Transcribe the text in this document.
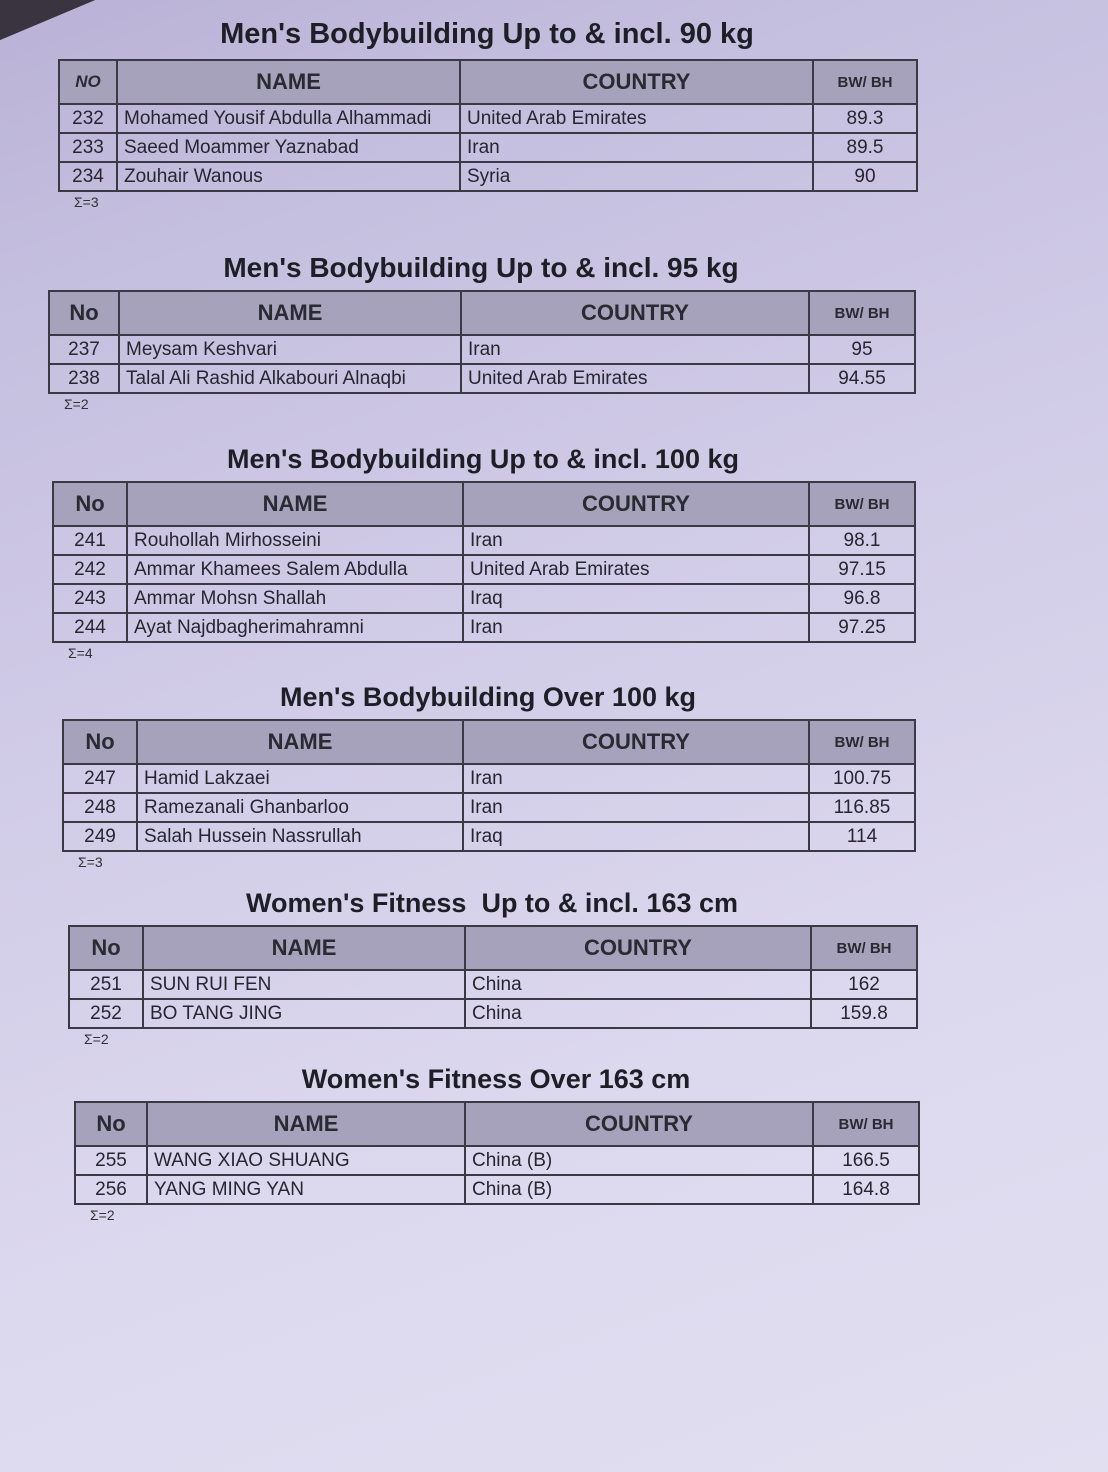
Men's Bodybuilding Up to & incl. 90 kg
NO	NAME	COUNTRY	BW/ BH
232	Mohamed Yousif Abdulla Alhammadi	United Arab Emirates	89.3
233	Saeed Moammer Yaznabad	Iran	89.5
234	Zouhair Wanous	Syria	90
Σ=3
Men's Bodybuilding Up to & incl. 95 kg
No	NAME	COUNTRY	BW/ BH
237	Meysam Keshvari	Iran	95
238	Talal Ali Rashid Alkabouri Alnaqbi	United Arab Emirates	94.55
Σ=2
Men's Bodybuilding Up to & incl. 100 kg
No	NAME	COUNTRY	BW/ BH
241	Rouhollah Mirhosseini	Iran	98.1
242	Ammar Khamees Salem Abdulla	United Arab Emirates	97.15
243	Ammar Mohsn Shallah	Iraq	96.8
244	Ayat Najdbagherimahramni	Iran	97.25
Σ=4
Men's Bodybuilding Over 100 kg
No	NAME	COUNTRY	BW/ BH
247	Hamid Lakzaei	Iran	100.75
248	Ramezanali Ghanbarloo	Iran	116.85
249	Salah Hussein Nassrullah	Iraq	114
Σ=3
Women's Fitness  Up to & incl. 163 cm
No	NAME	COUNTRY	BW/ BH
251	SUN RUI FEN	China	162
252	BO TANG JING	China	159.8
Σ=2
Women's Fitness Over 163 cm
No	NAME	COUNTRY	BW/ BH
255	WANG XIAO SHUANG	China (B)	166.5
256	YANG MING YAN	China (B)	164.8
Σ=2
